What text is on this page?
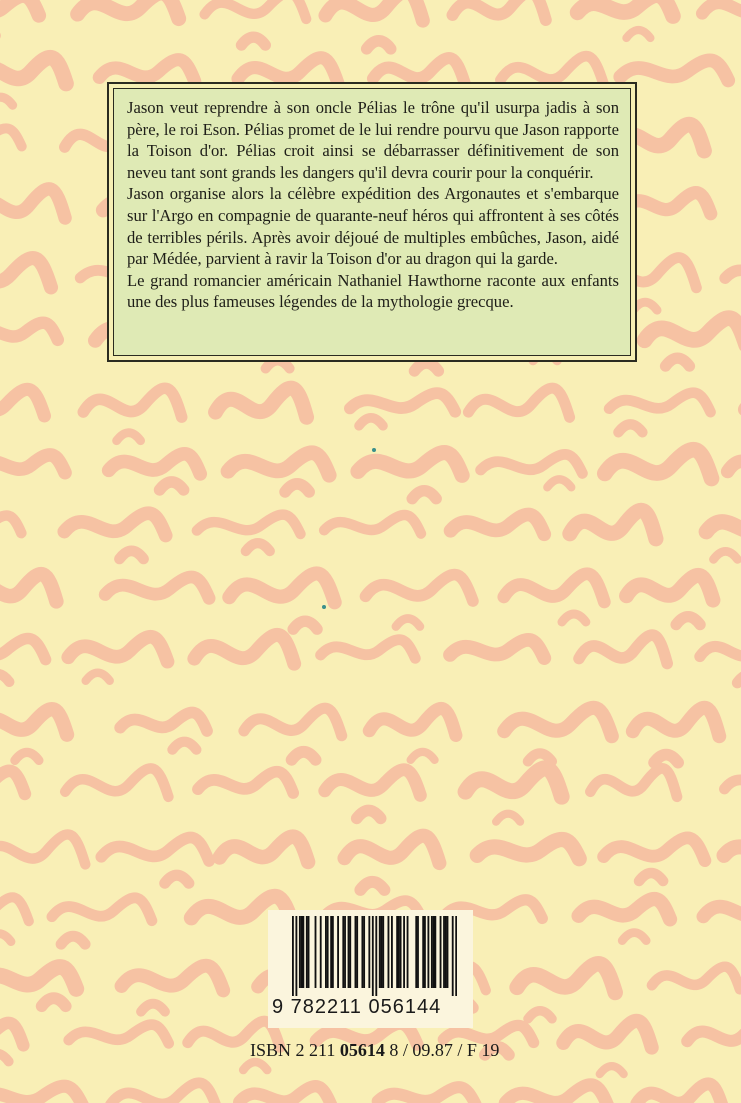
Jason veut reprendre à son oncle Pélias le trône qu'il usurpa jadis à son père, le roi Eson. Pélias promet de le lui rendre pourvu que Jason rapporte la Toison d'or. Pélias croit ainsi se débarrasser définitivement de son neveu tant sont grands les dangers qu'il devra courir pour la conquérir.

Jason organise alors la célèbre expédition des Argonautes et s'embarque sur l'Argo en compagnie de quarante-neuf héros qui affrontent à ses côtés de terribles périls. Après avoir déjoué de multiples embûches, Jason, aidé par Médée, parvient à ravir la Toison d'or au dragon qui la garde.

Le grand romancier américain Nathaniel Hawthorne raconte aux enfants une des plus fameuses légendes de la mythologie grecque.

9 782211 056144
ISBN 2 211 05614 8 / 09.87 / F 19
